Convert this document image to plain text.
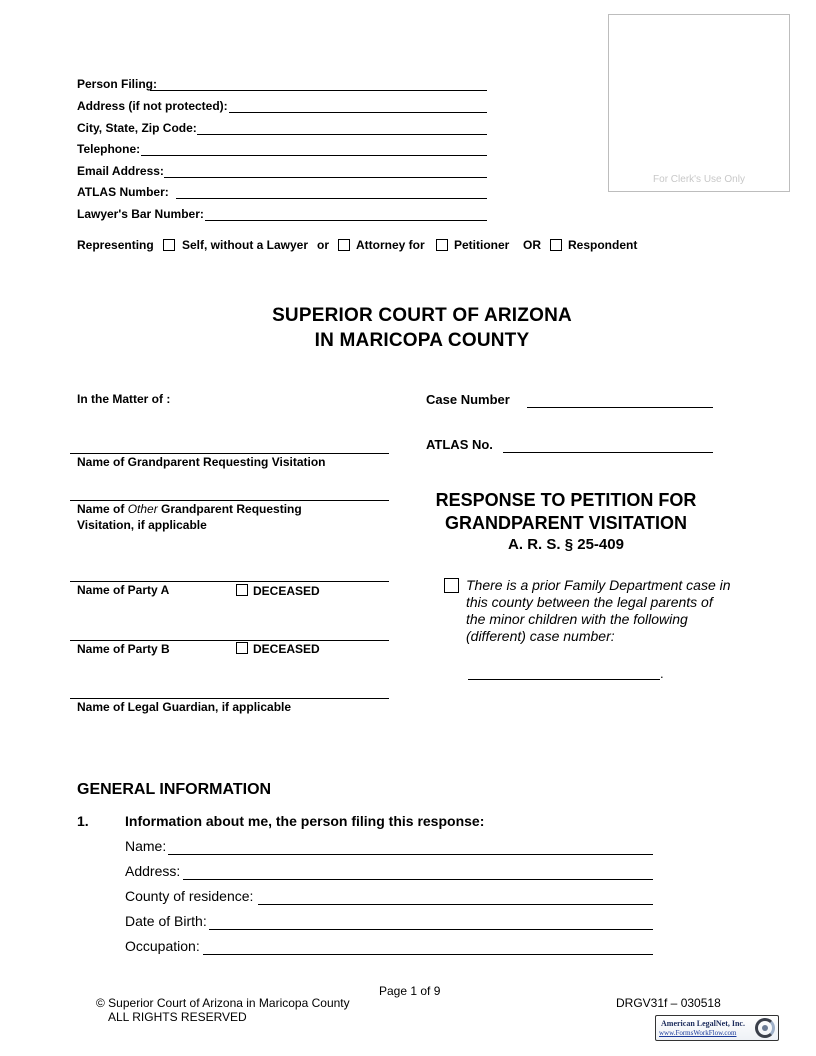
For Clerk's Use Only
Person Filing:
Address (if not protected):
City, State, Zip Code:
Telephone:
Email Address:
ATLAS Number:
Lawyer's Bar Number:
Representing Self, without a Lawyer or Attorney for Petitioner OR Respondent
SUPERIOR COURT OF ARIZONA
IN MARICOPA COUNTY
In the Matter of :
Name of Grandparent Requesting Visitation
Name of Other Grandparent Requesting
Visitation, if applicable
Name of Party A	DECEASED
Name of Party B	DECEASED
Name of Legal Guardian, if applicable
Case Number
ATLAS No.
RESPONSE TO PETITION FOR
GRANDPARENT VISITATION
A. R. S. § 25-409
There is a prior Family Department case in this county between the legal parents of the minor children with the following (different) case number:
.
GENERAL INFORMATION
1.	Information about me, the person filing this response:
Name:
Address:
County of residence:
Date of Birth:
Occupation:
Page 1 of 9
© Superior Court of Arizona in Maricopa County
ALL RIGHTS RESERVED
DRGV31f – 030518
American LegalNet, Inc.
www.FormsWorkFlow.com
